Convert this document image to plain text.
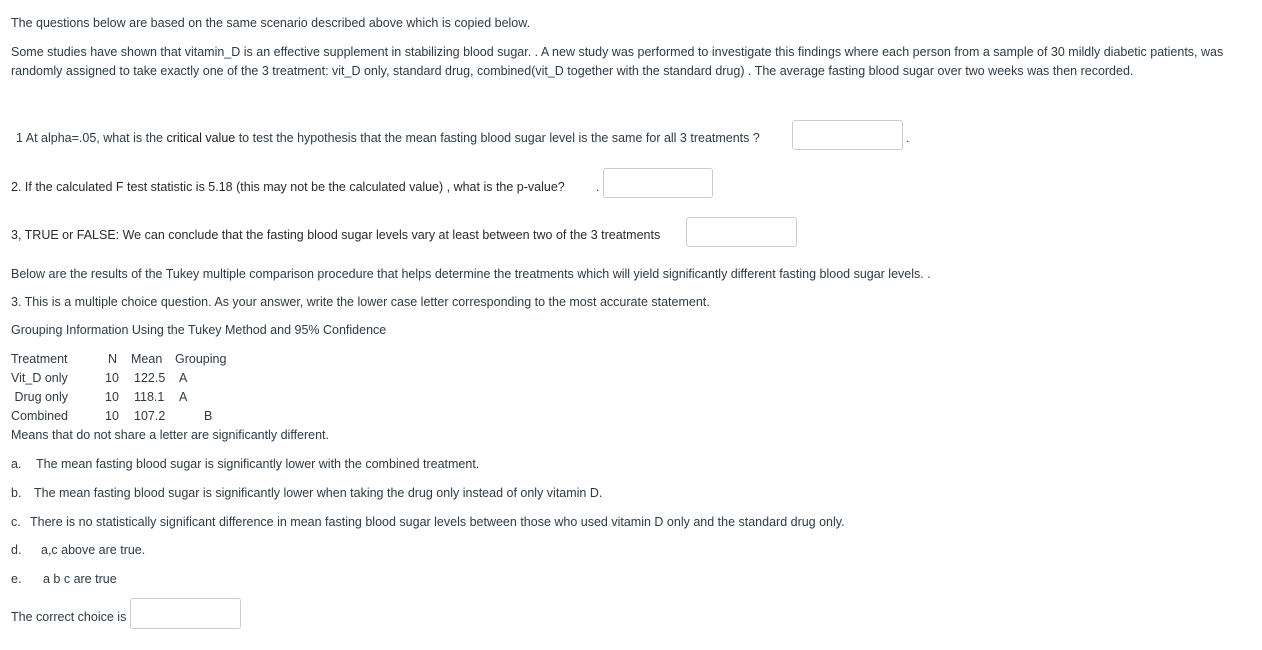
The questions below are based on the same scenario described above which is copied below.
Some studies have shown that vitamin_D is an effective supplement in stabilizing blood sugar. . A new study was performed to investigate this findings where each person from a sample of 30 mildly diabetic patients, was
randomly assigned to take exactly one of the 3 treatment: vit_D only, standard drug, combined(vit_D together with the standard drug) . The average fasting blood sugar over two weeks was then recorded.
1 At alpha=.05, what is the critical value to test the hypothesis that the mean fasting blood sugar level is the same for all 3 treatments ?	.
2. If the calculated F test statistic is 5.18 (this may not be the calculated value) , what is the p-value?	.
3, TRUE or FALSE: We can conclude that the fasting blood sugar levels vary at least between two of the 3 treatments
Below are the results of the Tukey multiple comparison procedure that helps determine the treatments which will yield significantly different fasting blood sugar levels. .
3. This is a multiple choice question. As your answer, write the lower case letter corresponding to the most accurate statement.
Grouping Information Using the Tukey Method and 95% Confidence
Treatment	N Mean Grouping
Vit_D only	10 122.5 A
Drug only	10 118.1 A
Combined	10 107.2	B
Means that do not share a letter are significantly different.
a. The mean fasting blood sugar is significantly lower with the combined treatment.
b. The mean fasting blood sugar is significantly lower when taking the drug only instead of only vitamin D.
c. There is no statistically significant difference in mean fasting blood sugar levels between those who used vitamin D only and the standard drug only.
d. a,c above are true.
e. a b c are true
The correct choice is
